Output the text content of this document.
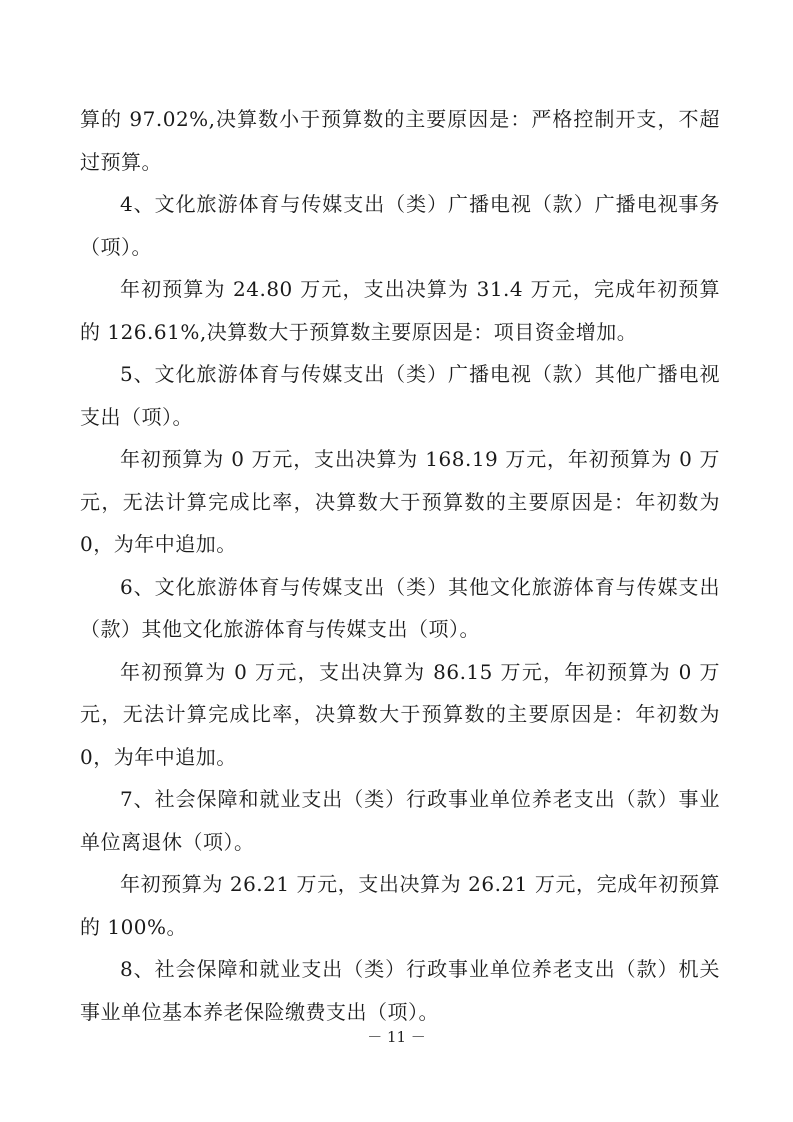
算的 97.02%,决算数小于预算数的主要原因是：严格控制开支，不超过预算。

4、文化旅游体育与传媒支出（类）广播电视（款）广播电视事务（项）。

年初预算为 24.80 万元，支出决算为 31.4 万元，完成年初预算的 126.61%,决算数大于预算数主要原因是：项目资金增加。

5、文化旅游体育与传媒支出（类）广播电视（款）其他广播电视支出（项）。

年初预算为 0 万元，支出决算为 168.19 万元，年初预算为 0 万元，无法计算完成比率，决算数大于预算数的主要原因是：年初数为 0，为年中追加。

6、文化旅游体育与传媒支出（类）其他文化旅游体育与传媒支出（款）其他文化旅游体育与传媒支出（项）。

年初预算为 0 万元，支出决算为 86.15 万元，年初预算为 0 万元，无法计算完成比率，决算数大于预算数的主要原因是：年初数为 0，为年中追加。

7、社会保障和就业支出（类）行政事业单位养老支出（款）事业单位离退休（项）。

年初预算为 26.21 万元，支出决算为 26.21 万元，完成年初预算的 100%。

8、社会保障和就业支出（类）行政事业单位养老支出（款）机关事业单位基本养老保险缴费支出（项）。

－ 11 －
